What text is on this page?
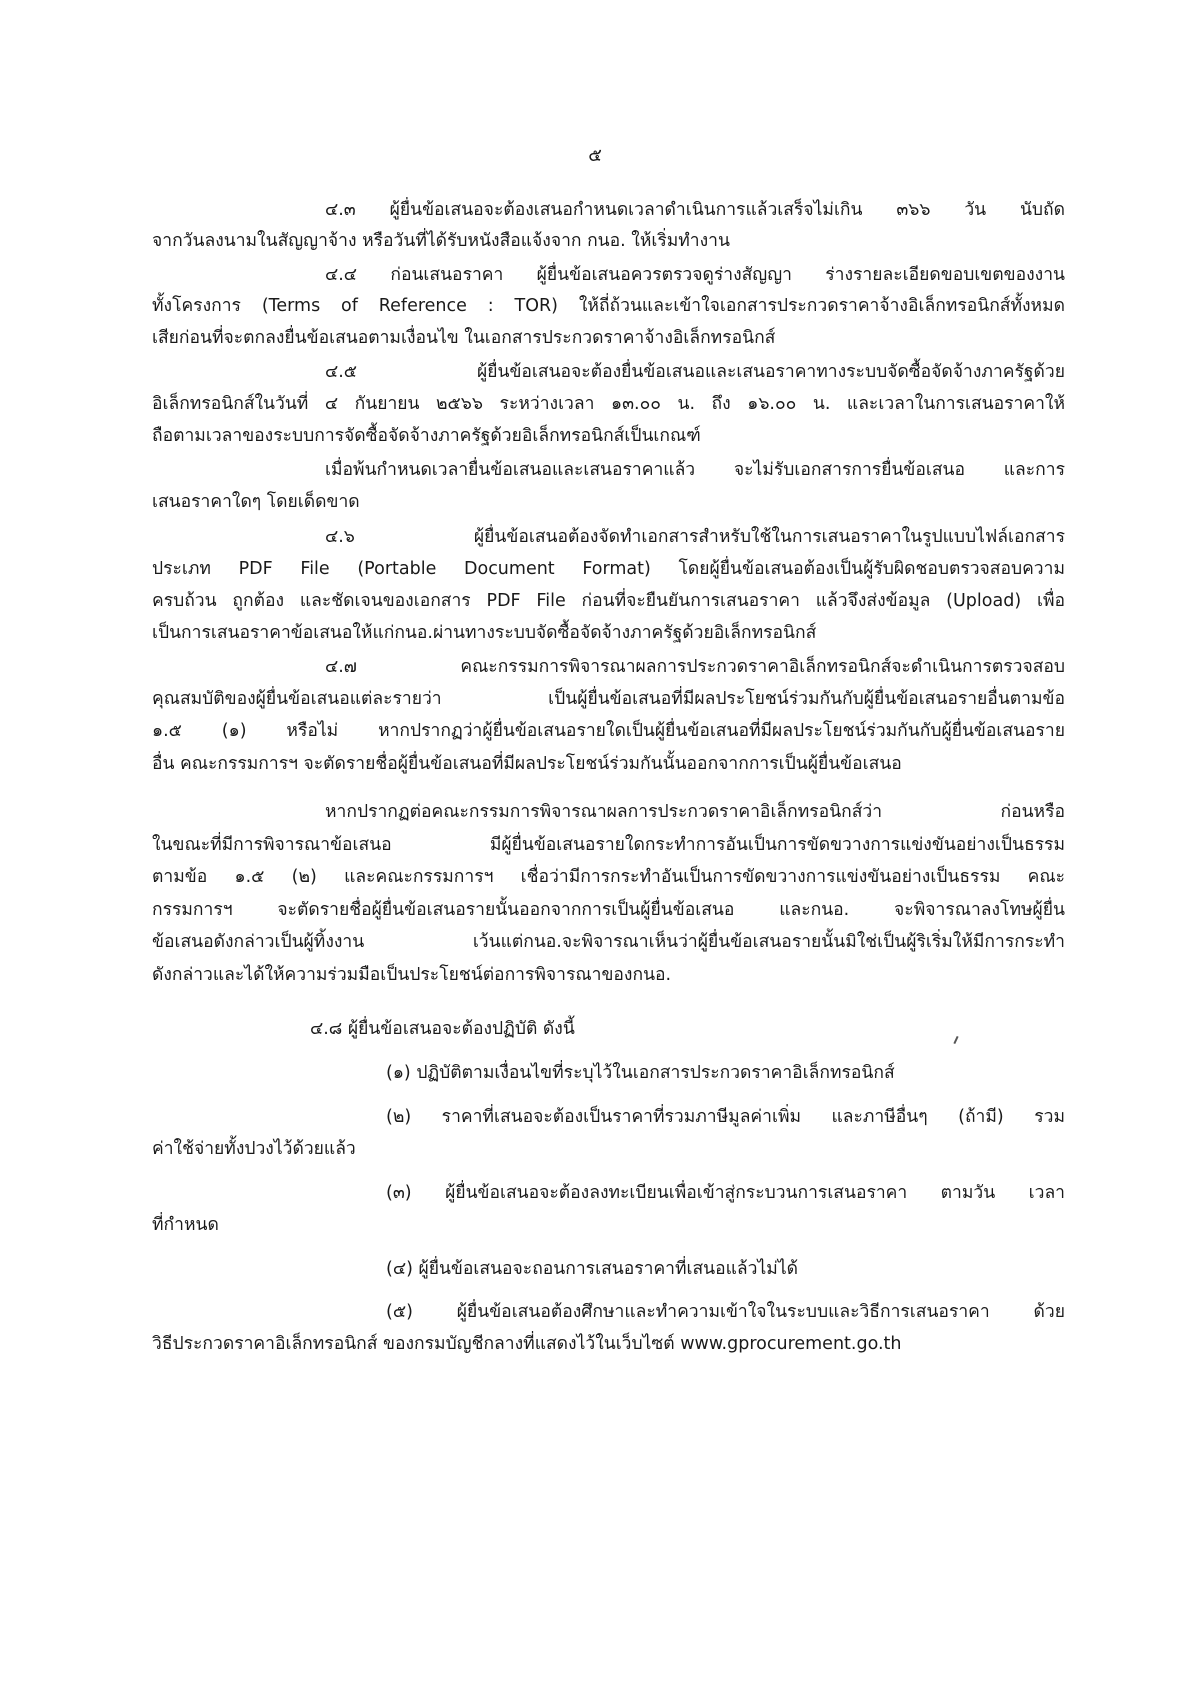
๕
๔.๓ ผู้ยื่นข้อเสนอจะต้องเสนอกำหนดเวลาดำเนินการแล้วเสร็จไม่เกิน ๓๖๖ วัน นับถัด
จากวันลงนามในสัญญาจ้าง หรือวันที่ได้รับหนังสือแจ้งจาก กนอ. ให้เริ่มทำงาน
๔.๔ ก่อนเสนอราคา ผู้ยื่นข้อเสนอควรตรวจดูร่างสัญญา ร่างรายละเอียดขอบเขตของงาน
ทั้งโครงการ (Terms of Reference : TOR) ให้ถี่ถ้วนและเข้าใจเอกสารประกวดราคาจ้างอิเล็กทรอนิกส์ทั้งหมด
เสียก่อนที่จะตกลงยื่นข้อเสนอตามเงื่อนไข ในเอกสารประกวดราคาจ้างอิเล็กทรอนิกส์
๔.๕ ผู้ยื่นข้อเสนอจะต้องยื่นข้อเสนอและเสนอราคาทางระบบจัดซื้อจัดจ้างภาครัฐด้วย
อิเล็กทรอนิกส์ในวันที่ ๔ กันยายน ๒๕๖๖ ระหว่างเวลา ๑๓.๐๐ น. ถึง ๑๖.๐๐ น. และเวลาในการเสนอราคาให้
ถือตามเวลาของระบบการจัดซื้อจัดจ้างภาครัฐด้วยอิเล็กทรอนิกส์เป็นเกณฑ์
เมื่อพ้นกำหนดเวลายื่นข้อเสนอและเสนอราคาแล้ว จะไม่รับเอกสารการยื่นข้อเสนอ และการ
เสนอราคาใดๆ โดยเด็ดขาด
๔.๖ ผู้ยื่นข้อเสนอต้องจัดทำเอกสารสำหรับใช้ในการเสนอราคาในรูปแบบไฟล์เอกสาร
ประเภท PDF File (Portable Document Format) โดยผู้ยื่นข้อเสนอต้องเป็นผู้รับผิดชอบตรวจสอบความ
ครบถ้วน ถูกต้อง และชัดเจนของเอกสาร PDF File ก่อนที่จะยืนยันการเสนอราคา แล้วจึงส่งข้อมูล (Upload) เพื่อ
เป็นการเสนอราคาข้อเสนอให้แก่กนอ.ผ่านทางระบบจัดซื้อจัดจ้างภาครัฐด้วยอิเล็กทรอนิกส์
๔.๗ คณะกรรมการพิจารณาผลการประกวดราคาอิเล็กทรอนิกส์จะดำเนินการตรวจสอบ
คุณสมบัติของผู้ยื่นข้อเสนอแต่ละรายว่า เป็นผู้ยื่นข้อเสนอที่มีผลประโยชน์ร่วมกันกับผู้ยื่นข้อเสนอรายอื่นตามข้อ
๑.๕ (๑) หรือไม่ หากปรากฏว่าผู้ยื่นข้อเสนอรายใดเป็นผู้ยื่นข้อเสนอที่มีผลประโยชน์ร่วมกันกับผู้ยื่นข้อเสนอราย
อื่น คณะกรรมการฯ จะตัดรายชื่อผู้ยื่นข้อเสนอที่มีผลประโยชน์ร่วมกันนั้นออกจากการเป็นผู้ยื่นข้อเสนอ
หากปรากฏต่อคณะกรรมการพิจารณาผลการประกวดราคาอิเล็กทรอนิกส์ว่า ก่อนหรือ
ในขณะที่มีการพิจารณาข้อเสนอ มีผู้ยื่นข้อเสนอรายใดกระทำการอันเป็นการขัดขวางการแข่งขันอย่างเป็นธรรม
ตามข้อ ๑.๕ (๒) และคณะกรรมการฯ เชื่อว่ามีการกระทำอันเป็นการขัดขวางการแข่งขันอย่างเป็นธรรม คณะ
กรรมการฯ จะตัดรายชื่อผู้ยื่นข้อเสนอรายนั้นออกจากการเป็นผู้ยื่นข้อเสนอ และกนอ. จะพิจารณาลงโทษผู้ยื่น
ข้อเสนอดังกล่าวเป็นผู้ทิ้งงาน เว้นแต่กนอ.จะพิจารณาเห็นว่าผู้ยื่นข้อเสนอรายนั้นมิใช่เป็นผู้ริเริ่มให้มีการกระทำ
ดังกล่าวและได้ให้ความร่วมมือเป็นประโยชน์ต่อการพิจารณาของกนอ.
๔.๘ ผู้ยื่นข้อเสนอจะต้องปฏิบัติ ดังนี้
(๑) ปฏิบัติตามเงื่อนไขที่ระบุไว้ในเอกสารประกวดราคาอิเล็กทรอนิกส์
(๒) ราคาที่เสนอจะต้องเป็นราคาที่รวมภาษีมูลค่าเพิ่ม และภาษีอื่นๆ (ถ้ามี) รวม
ค่าใช้จ่ายทั้งปวงไว้ด้วยแล้ว
(๓) ผู้ยื่นข้อเสนอจะต้องลงทะเบียนเพื่อเข้าสู่กระบวนการเสนอราคา ตามวัน เวลา
ที่กำหนด
(๔) ผู้ยื่นข้อเสนอจะถอนการเสนอราคาที่เสนอแล้วไม่ได้
(๕) ผู้ยื่นข้อเสนอต้องศึกษาและทำความเข้าใจในระบบและวิธีการเสนอราคา ด้วย
วิธีประกวดราคาอิเล็กทรอนิกส์ ของกรมบัญชีกลางที่แสดงไว้ในเว็บไซต์ www.gprocurement.go.th
